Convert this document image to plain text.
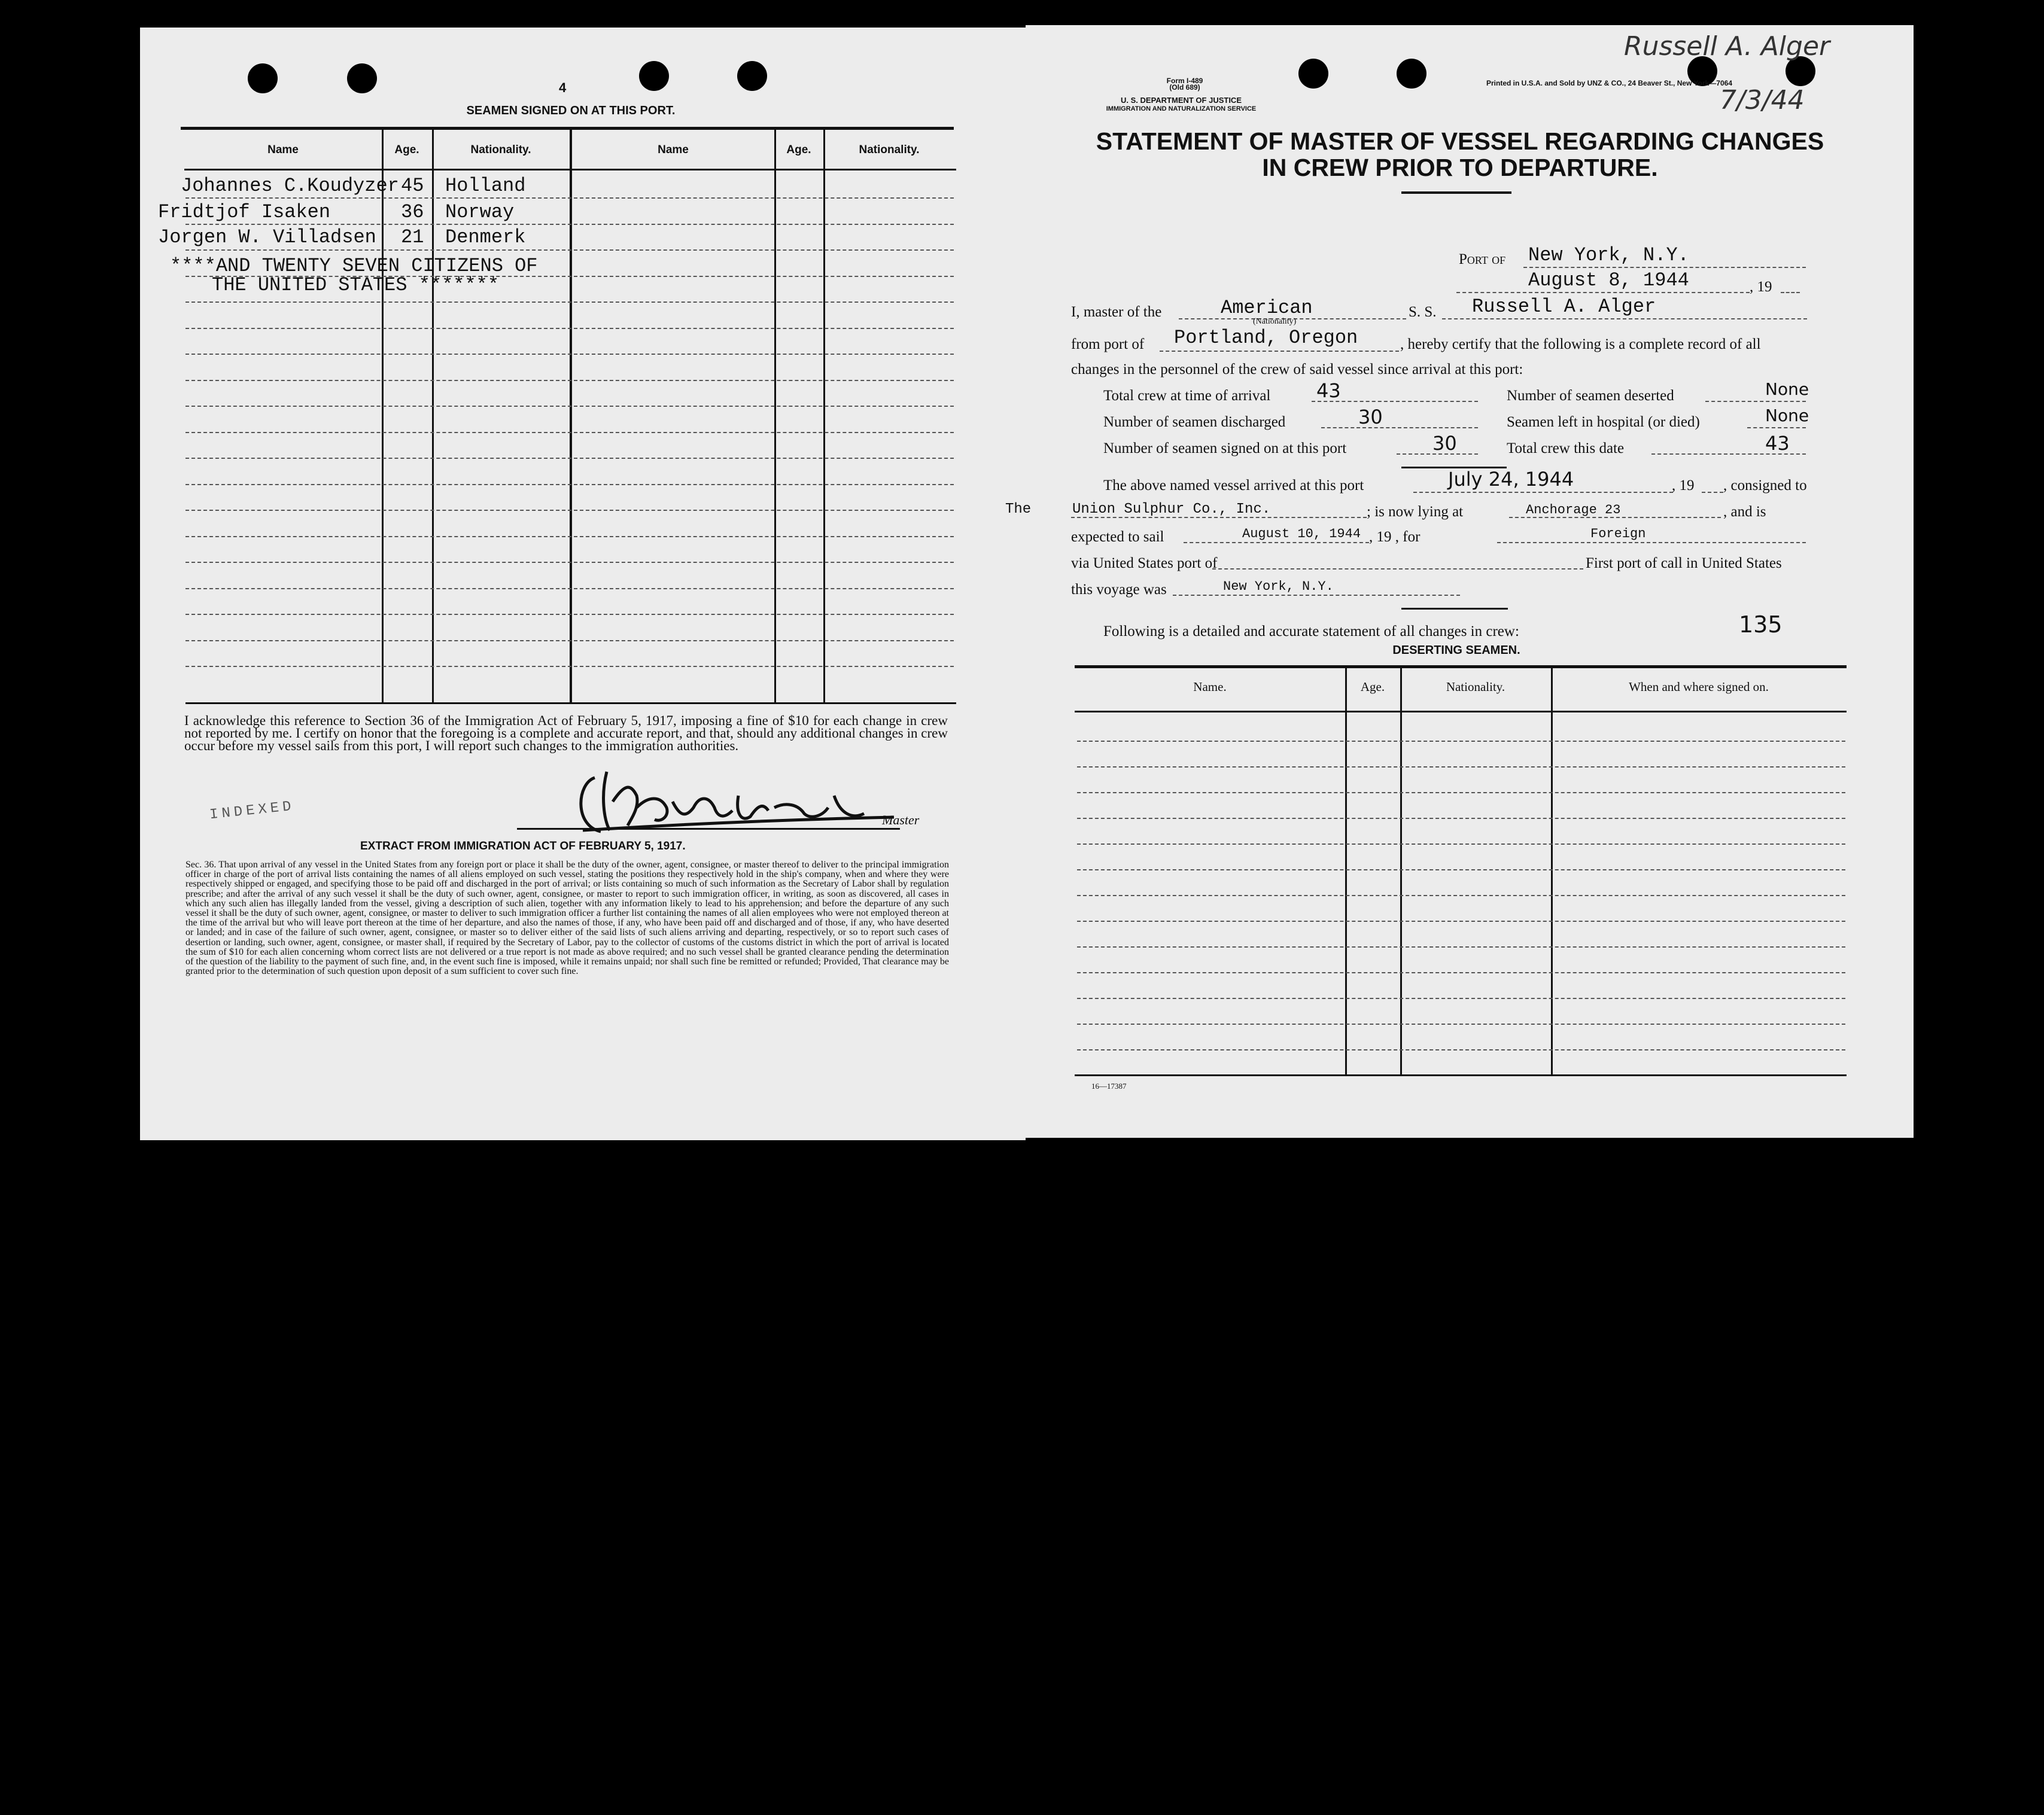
4
SEAMEN SIGNED ON AT THIS PORT.
Name	Age.	Nationality.	Name	Age.	Nationality.
Johannes C.Koudyzer 45 Holland
Fridtjof Isaken	36 Norway
Jorgen W. Villadsen 21 Denmerk
****AND TWENTY SEVEN CITIZENS OF
THE UNITED STATES *******
I acknowledge this reference to Section 36 of the Immigration Act of February 5, 1917, imposing a fine of $10 for each change in crew not reported by me. I certify on honor that the foregoing is a complete and accurate report, and that, should any additional changes in crew occur before my vessel sails from this port, I will report such changes to the immigration authorities.
Master
INDEXED
EXTRACT FROM IMMIGRATION ACT OF FEBRUARY 5, 1917.
Sec. 36. That upon arrival of any vessel in the United States from any foreign port or place it shall be the duty of the owner, agent, consignee, or master thereof to deliver to the principal immigration officer in charge of the port of arrival lists containing the names of all aliens employed on such vessel, stating the positions they respectively hold in the ship's company, when and where they were respectively shipped or engaged, and specifying those to be paid off and discharged in the port of arrival; or lists containing so much of such information as the Secretary of Labor shall by regulation prescribe; and after the arrival of any such vessel it shall be the duty of such owner, agent, consignee, or master to report to such immigration officer, in writing, as soon as discovered, all cases in which any such alien has illegally landed from the vessel, giving a description of such alien, together with any information likely to lead to his apprehension; and before the departure of any such vessel it shall be the duty of such owner, agent, consignee, or master to deliver to such immigration officer a further list containing the names of all alien employees who were not employed thereon at the time of the arrival but who will leave port thereon at the time of her departure, and also the names of those, if any, who have been paid off and discharged and of those, if any, who have deserted or landed; and in case of the failure of such owner, agent, consignee, or master so to deliver either of the said lists of such aliens arriving and departing, respectively, or so to report such cases of desertion or landing, such owner, agent, consignee, or master shall, if required by the Secretary of Labor, pay to the collector of customs of the customs district in which the port of arrival is located the sum of $10 for each alien concerning whom correct lists are not delivered or a true report is not made as above required; and no such vessel shall be granted clearance pending the determination of the question of the liability to the payment of such fine, and, in the event such fine is imposed, while it remains unpaid; nor shall such fine be remitted or refunded; Provided, That clearance may be granted prior to the determination of such question upon deposit of a sum sufficient to cover such fine.
Form I-489
(Old 689)
U. S. DEPARTMENT OF JUSTICE
IMMIGRATION AND NATURALIZATION SERVICE
Printed in U.S.A. and Sold by UNZ & CO., 24 Beaver St., New York—7064
Russell A. Alger
7/3/44
STATEMENT OF MASTER OF VESSEL REGARDING CHANGES
IN CREW PRIOR TO DEPARTURE.
Port of New York, N.Y.
August 8, 1944	, 19
I, master of the	American
(Nationality)
S. S. Russell A. Alger
from port of Portland, Oregon	, hereby certify that the following is a complete record of all
changes in the personnel of the crew of said vessel since arrival at this port:
Total crew at time of arrival 43	Number of seamen deserted	None
Number of seamen discharged	30	Seamen left in hospital (or died)	None
Number of seamen signed on at this port	30	Total crew this date	43
The above named vessel arrived at this port	July 24, 1944	, 19 , consigned to
The	Union Sulphur Co., Inc.	; is now lying at	Anchorage 23	, and is
expected to sail	August 10, 1944 , 19 , for	Foreign
via United States port of	First port of call in United States
this voyage was	New York, N.Y.
Following is a detailed and accurate statement of all changes in crew:	135
DESERTING SEAMEN.
Name.	Age.	Nationality.	When and where signed on.
16—17387
